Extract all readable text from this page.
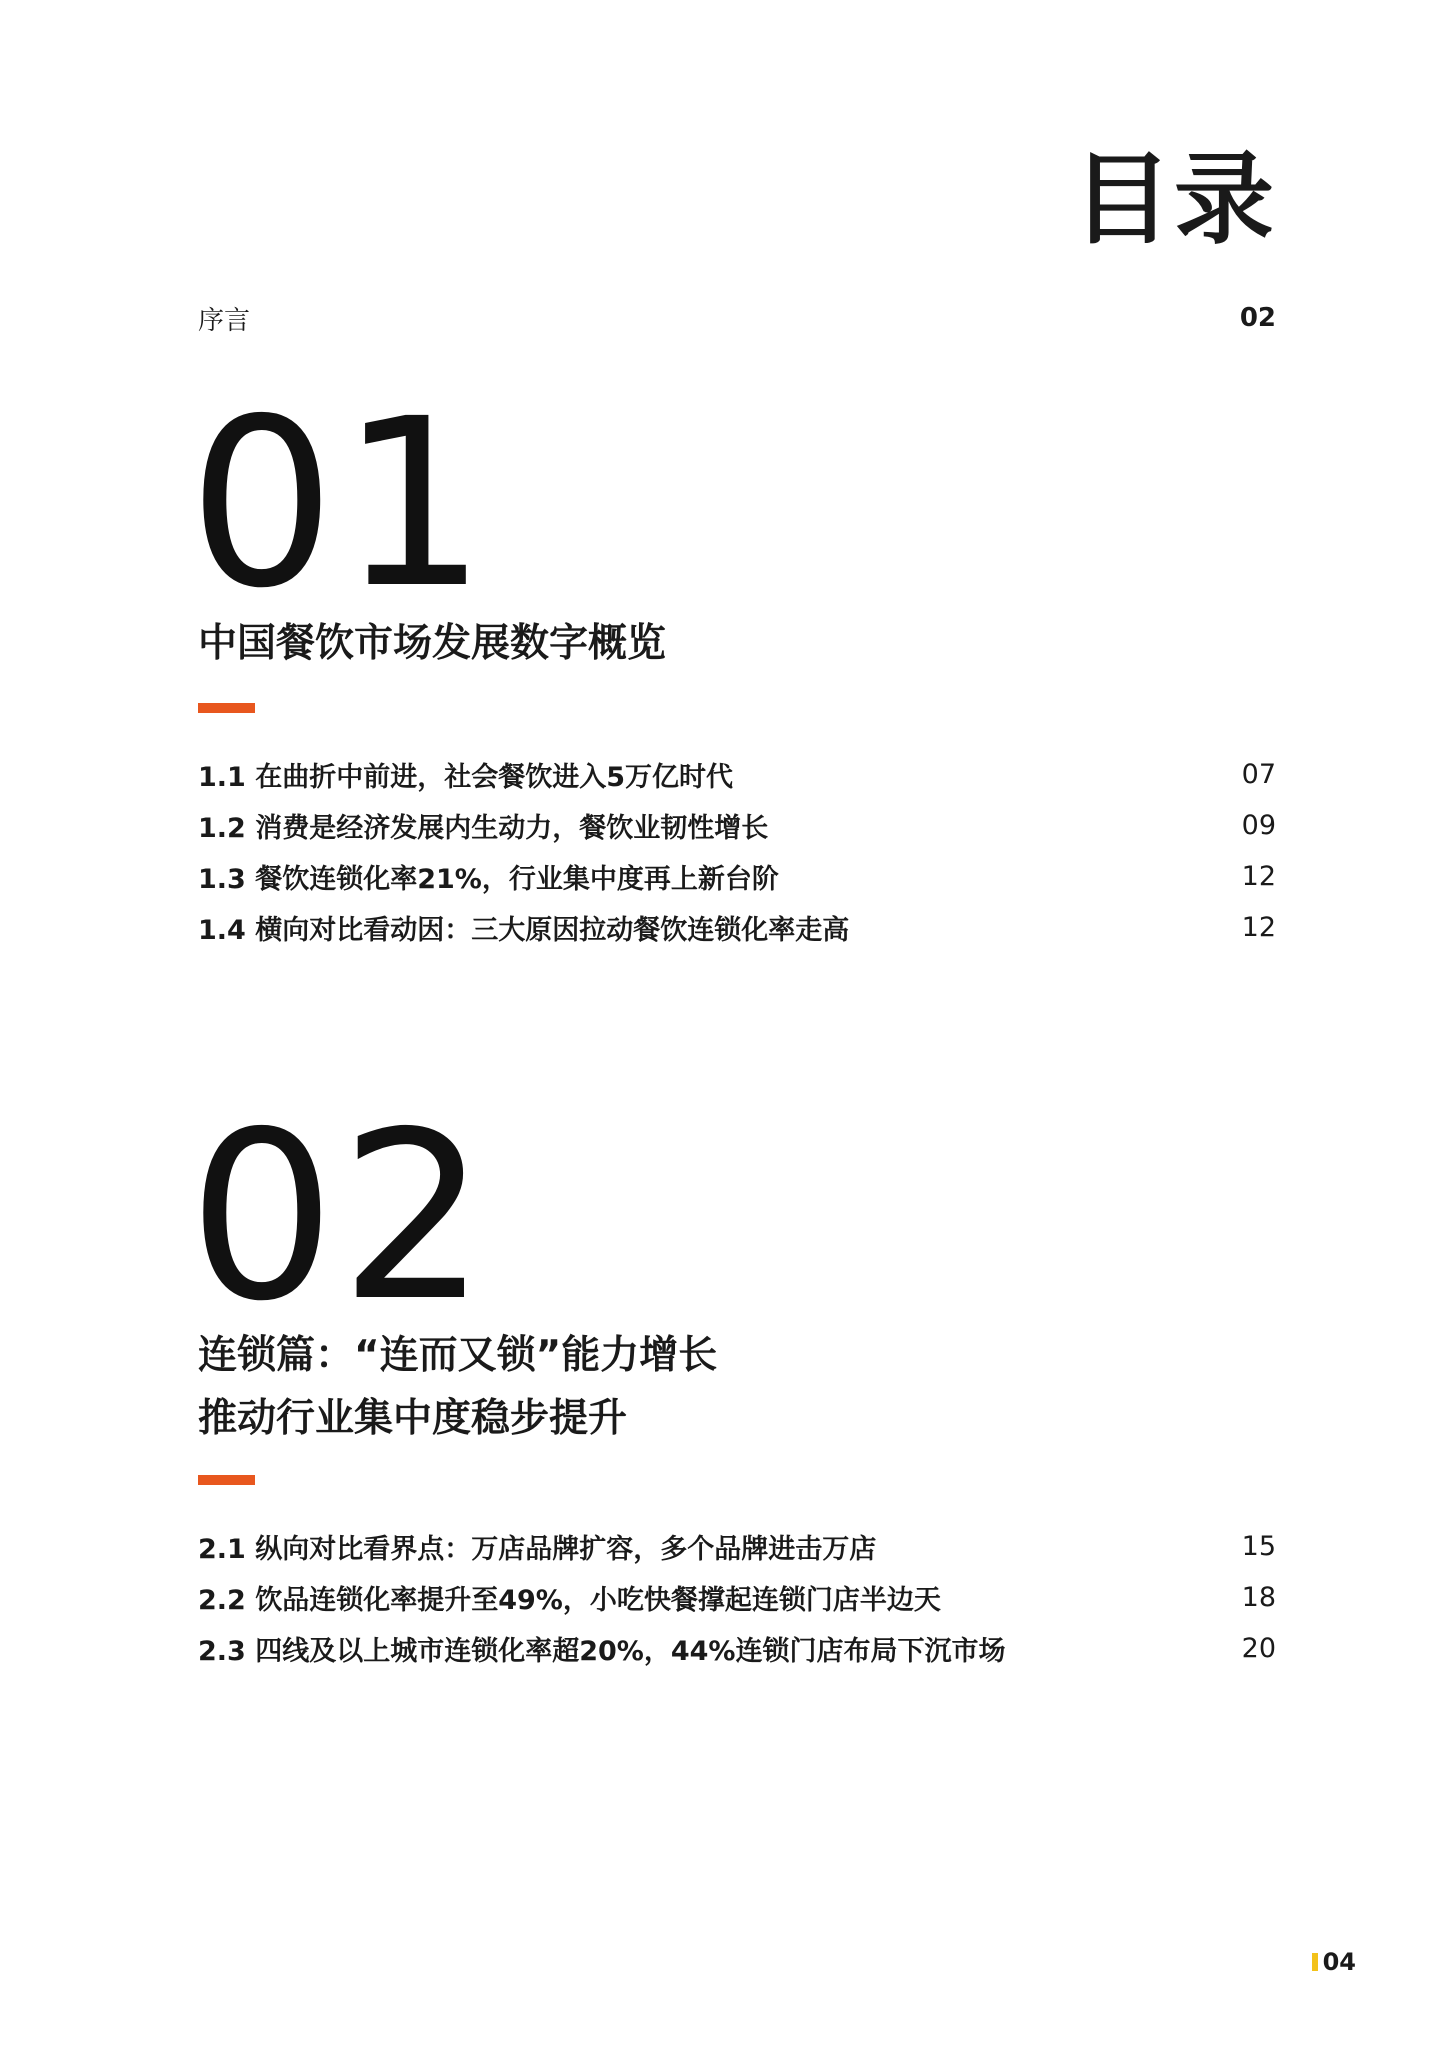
目录
序言	02
01
中国餐饮市场发展数字概览
1.1 在曲折中前进，社会餐饮进入5万亿时代	07
1.2 消费是经济发展内生动力，餐饮业韧性增长	09
1.3 餐饮连锁化率21%，行业集中度再上新台阶	12
1.4 横向对比看动因：三大原因拉动餐饮连锁化率走高	12
02
连锁篇：“连而又锁”能力增长
推动行业集中度稳步提升
2.1 纵向对比看界点：万店品牌扩容，多个品牌进击万店	15
2.2 饮品连锁化率提升至49%，小吃快餐撑起连锁门店半边天	18
2.3 四线及以上城市连锁化率超20%，44%连锁门店布局下沉市场	20
04
